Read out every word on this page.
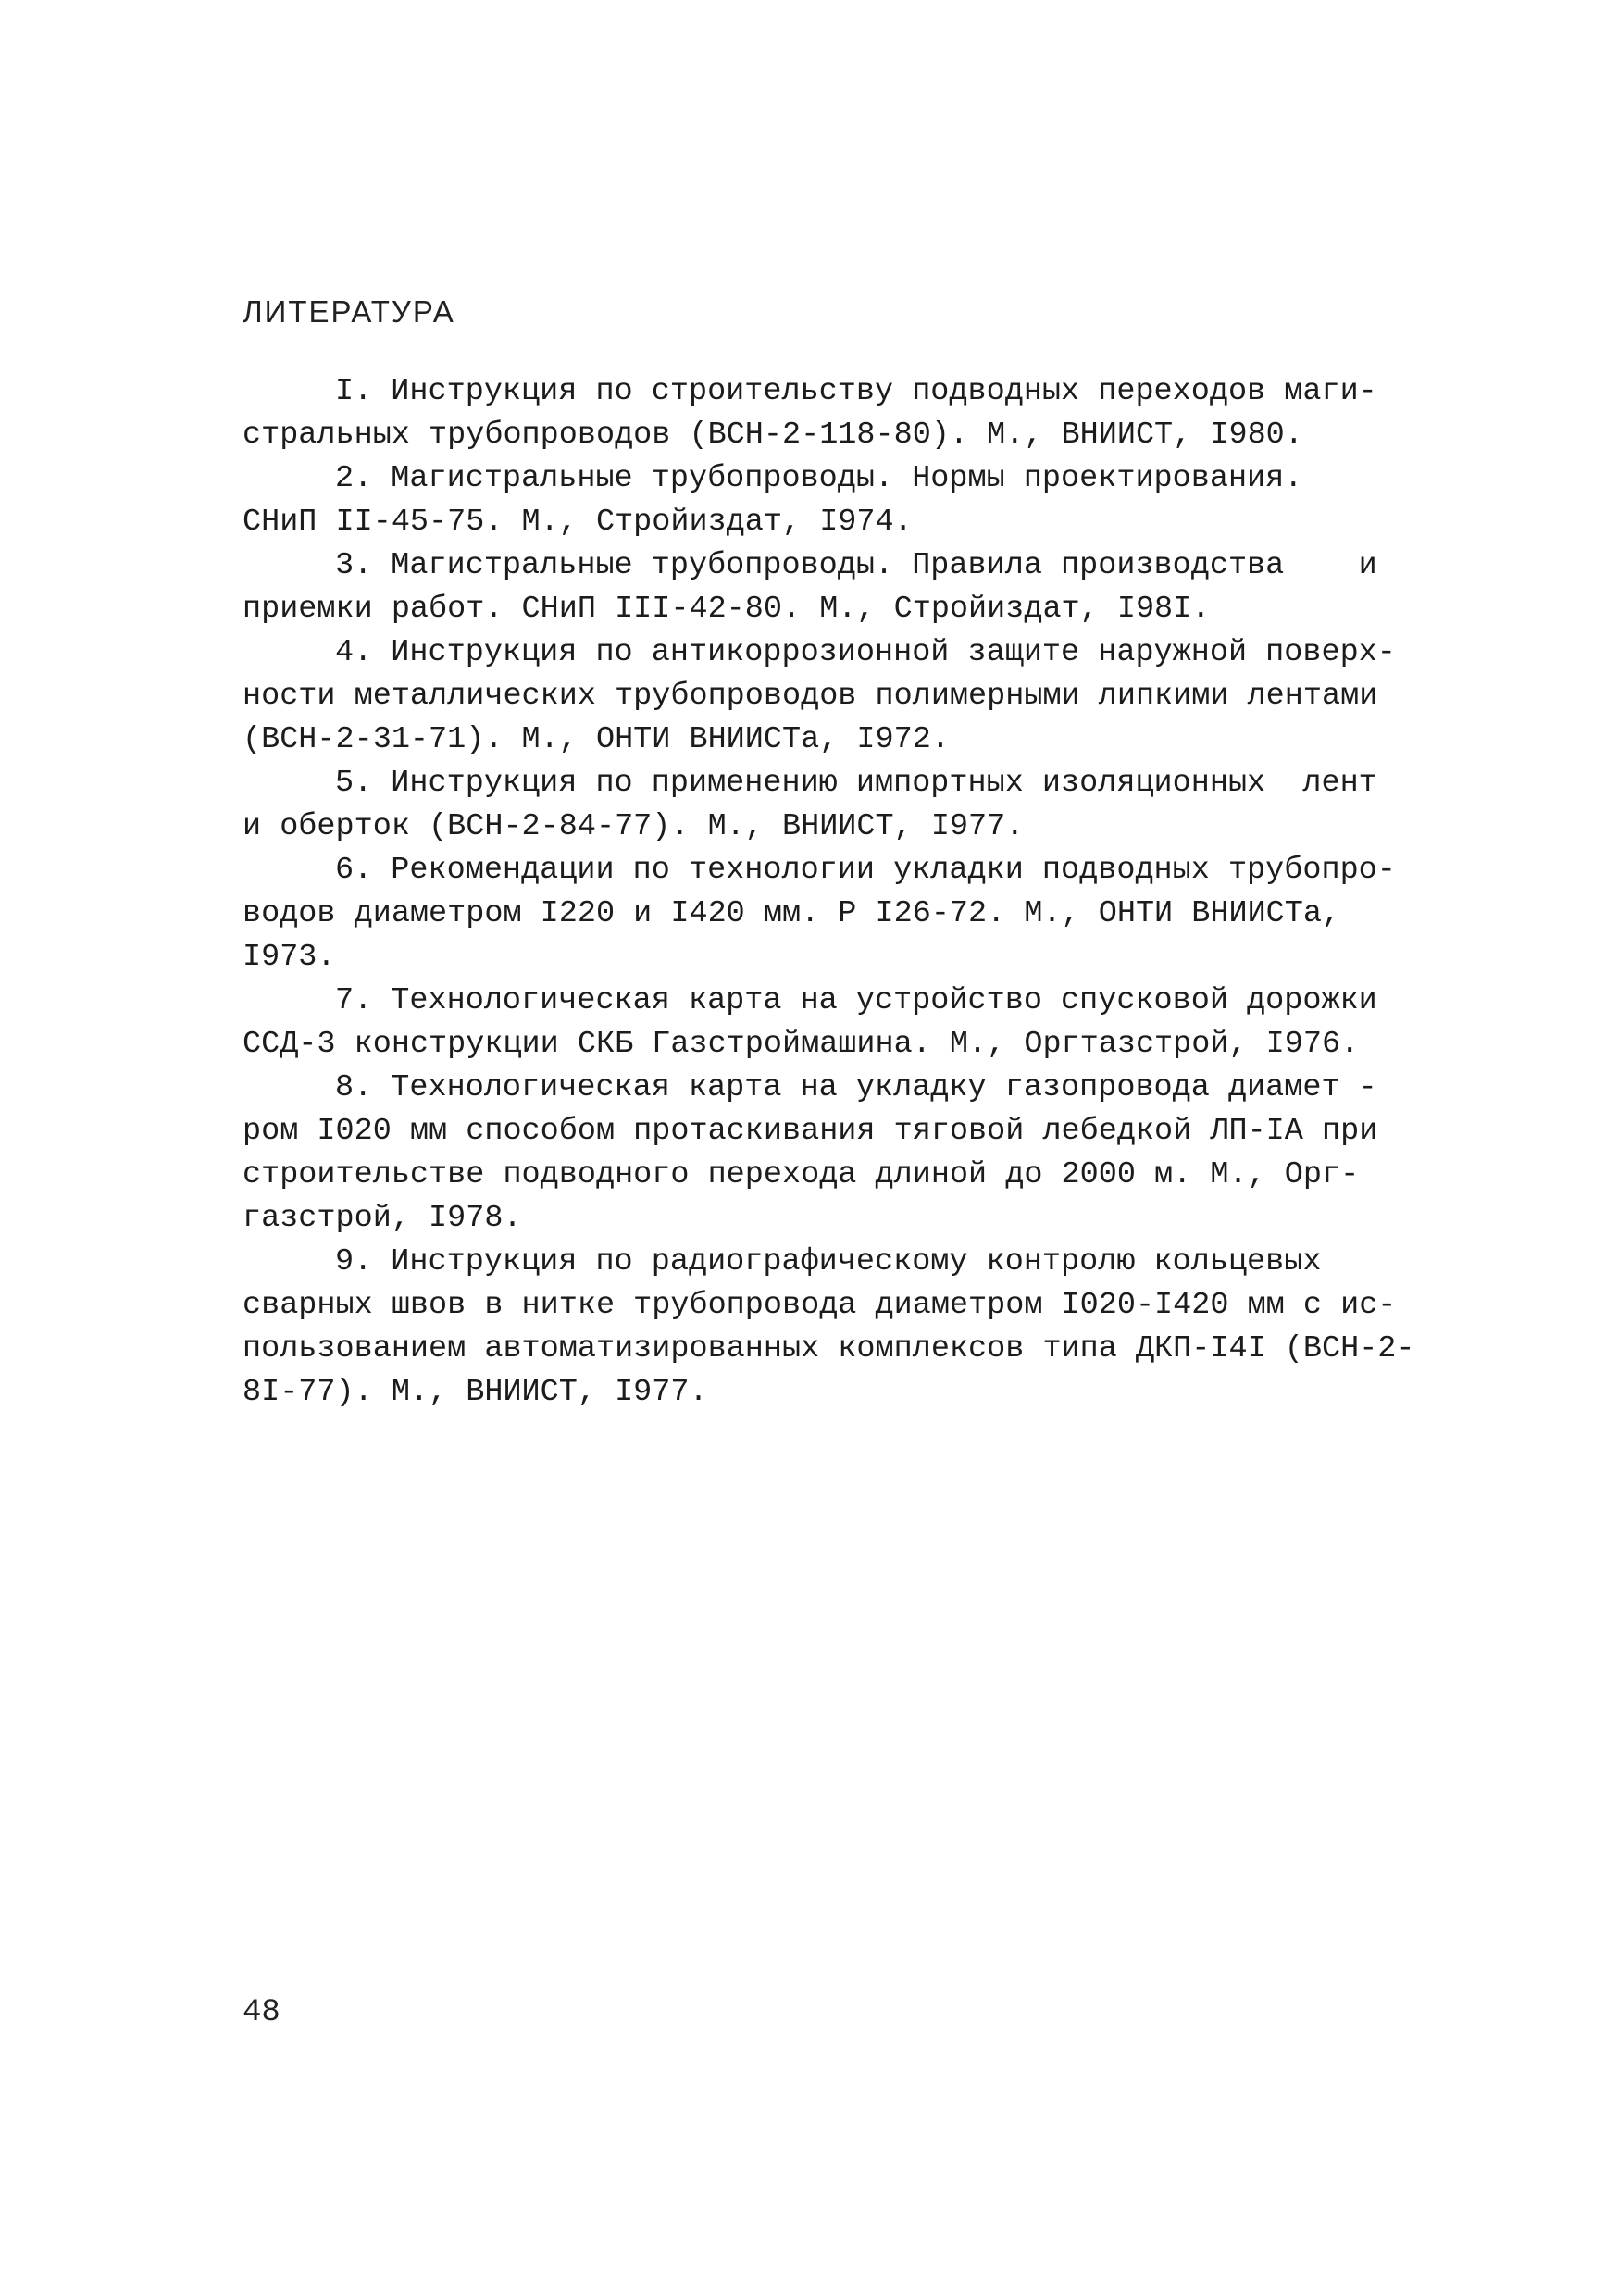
ЛИТЕРАТУРА

I. Инструкция по строительству подводных переходов маги-
стральных трубопроводов (ВСН-2-118-80). М., ВНИИСТ, I980.

2. Магистральные трубопроводы. Нормы проектирования.
СНиП II-45-75. М., Стройиздат, I974.

3. Магистральные трубопроводы. Правила производства    и
приемки работ. СНиП III-42-80. М., Стройиздат, I98I.

4. Инструкция по антикоррозионной защите наружной поверх-
ности металлических трубопроводов полимерными липкими лентами
(ВСН-2-31-71). М., ОНТИ ВНИИСТа, I972.

5. Инструкция по применению импортных изоляционных  лент
и оберток (ВСН-2-84-77). М., ВНИИСТ, I977.

6. Рекомендации по технологии укладки подводных трубопро-
водов диаметром I220 и I420 мм. Р I26-72. М., ОНТИ ВНИИСТа,
I973.

7. Технологическая карта на устройство спусковой дорожки
ССД-3 конструкции СКБ Газстроймашина. М., Оргтазстрой, I976.

8. Технологическая карта на укладку газопровода диамет -
ром I020 мм способом протаскивания тяговой лебедкой ЛП-IА при
строительстве подводного перехода длиной до 2000 м. М., Орг-
газстрой, I978.

9. Инструкция по радиографическому контролю кольцевых
сварных швов в нитке трубопровода диаметром I020-I420 мм с ис-
пользованием автоматизированных комплексов типа ДКП-I4I (ВСН-2-
8I-77). М., ВНИИСТ, I977.

48
